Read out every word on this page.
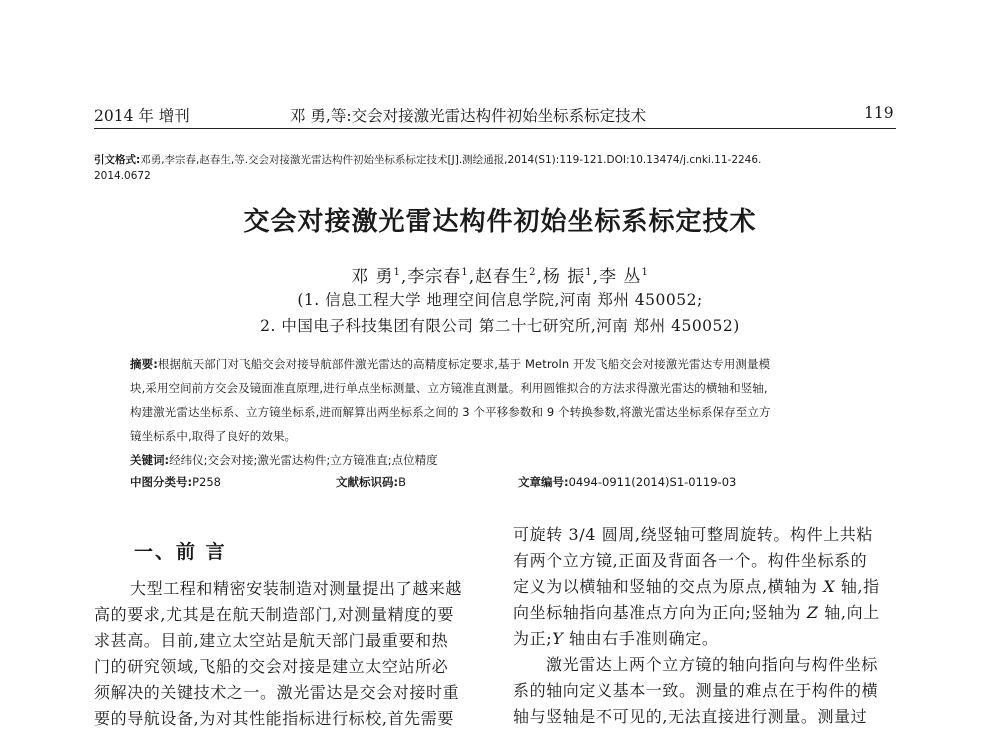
2014 年 增刊	邓 勇,等:交会对接激光雷达构件初始坐标系标定技术	119
引文格式:邓勇,李宗春,赵春生,等.交会对接激光雷达构件初始坐标系标定技术[J].测绘通报,2014(S1):119-121.DOI:10.13474/j.cnki.11-2246.
2014.0672
交会对接激光雷达构件初始坐标系标定技术
邓 勇$^1$,李宗春$^1$,赵春生$^2$,杨 振$^1$,李 丛$^1$
(1. 信息工程大学 地理空间信息学院,河南 郑州 450052;
2. 中国电子科技集团有限公司 第二十七研究所,河南 郑州 450052)
摘要:根据航天部门对飞船交会对接导航部件激光雷达的高精度标定要求,基于 Metroln 开发飞船交会对接激光雷达专用测量模
块,采用空间前方交会及镜面准直原理,进行单点坐标测量、立方镜准直测量。利用圆锥拟合的方法求得激光雷达的横轴和竖轴,
构建激光雷达坐标系、立方镜坐标系,进而解算出两坐标系之间的 3 个平移参数和 9 个转换参数,将激光雷达坐标系保存至立方
镜坐标系中,取得了良好的效果。
关键词:经纬仪;交会对接;激光雷达构件;立方镜准直;点位精度
中图分类号:P258	文献标识码:B	文章编号:0494-0911(2014)S1-0119-03
一、前 言
大型工程和精密安装制造对测量提出了越来越
高的要求,尤其是在航天制造部门,对测量精度的要
求甚高。目前,建立太空站是航天部门最重要和热
门的研究领域,飞船的交会对接是建立太空站所必
须解决的关键技术之一。激光雷达是交会对接时重
要的导航设备,为对其性能指标进行标校,首先需要
可旋转 3/4 圆周,绕竖轴可整周旋转。构件上共粘
有两个立方镜,正面及背面各一个。构件坐标系的
定义为以横轴和竖轴的交点为原点,横轴为 X 轴,指
向坐标轴指向基准点方向为正向;竖轴为 Z 轴,向上
为正;Y 轴由右手准则确定。
激光雷达上两个立方镜的轴向指向与构件坐标
系的轴向定义基本一致。测量的难点在于构件的横
轴与竖轴是不可见的,无法直接进行测量。测量过
